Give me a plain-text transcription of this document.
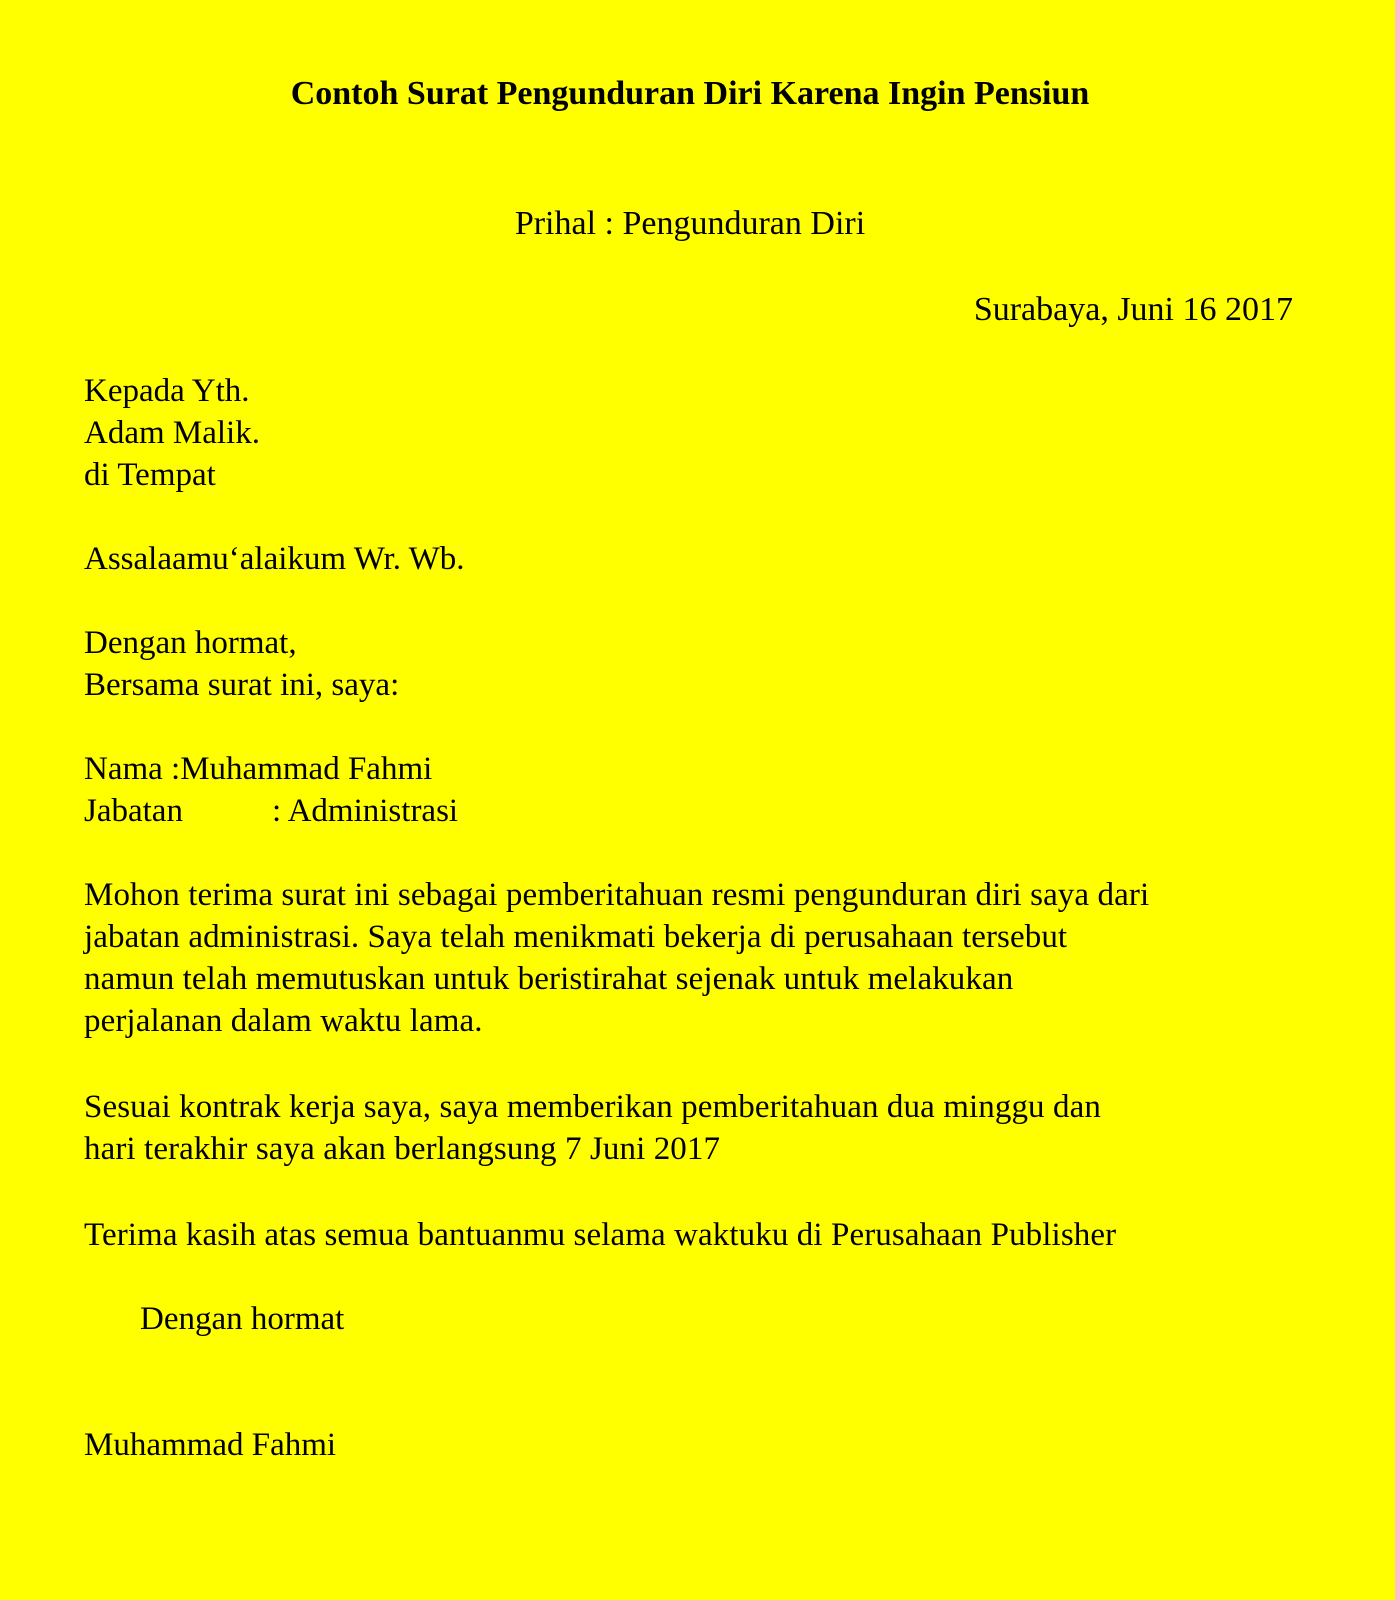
Contoh Surat Pengunduran Diri Karena Ingin Pensiun
Prihal : Pengunduran Diri
Surabaya, Juni 16 2017

Kepada Yth.

Adam Malik.

di Tempat

Assalaamu‘alaikum Wr. Wb.

Dengan hormat,

Bersama surat ini, saya:

Nama :Muhammad Fahmi
Jabatan	: Administrasi

Mohon terima surat ini sebagai pemberitahuan resmi pengunduran diri saya dari

jabatan administrasi. Saya telah menikmati bekerja di perusahaan tersebut

namun telah memutuskan untuk beristirahat sejenak untuk melakukan

perjalanan dalam waktu lama.

Sesuai kontrak kerja saya, saya memberikan pemberitahuan dua minggu dan

hari terakhir saya akan berlangsung 7 Juni 2017

Terima kasih atas semua bantuanmu selama waktuku di Perusahaan Publisher

Dengan hormat
Muhammad Fahmi
